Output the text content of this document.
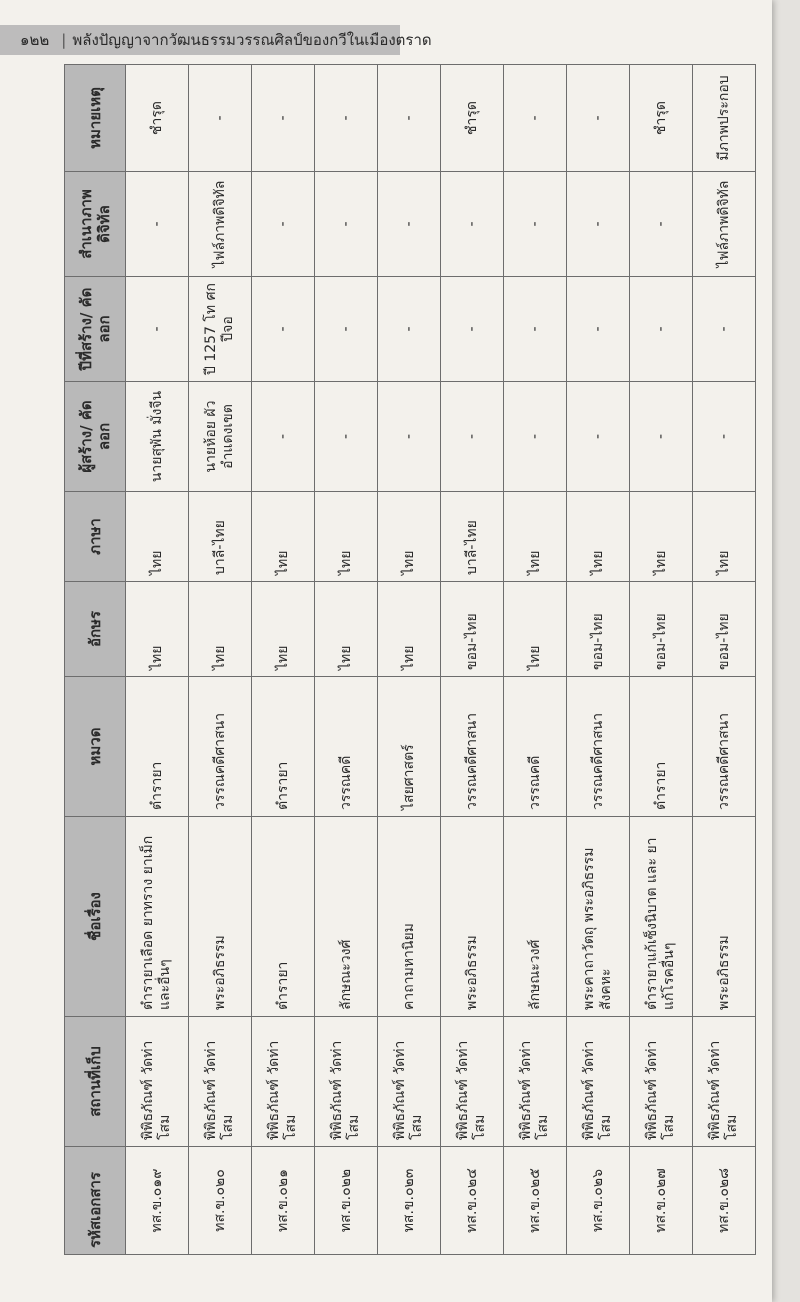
๑๒๒ | พลังปัญญาจากวัฒนธรรมวรรณศิลป์ของกวีในเมืองตราด
รหัสเอกสาร	สถานที่เก็บ	ชื่อเรื่อง	หมวด	อักษร	ภาษา	ผู้สร้าง/ คัดลอก	ปีที่สร้าง/ คัดลอก	สำเนาภาพ ดิจิทัล	หมายเหตุ
ทส.ข.๐๑๙	พิพิธภัณฑ์ วัดท่าโสม	ตำรายาเลือด ยาทราง ยาเม็ก และอื่นๆ	ตำรายา	ไทย	ไทย	นายสุพัน มั่งจีน	-	-	ชำรุด
ทส.ข.๐๒๐	พิพิธภัณฑ์ วัดท่าโสม	พระอภิธรรม	วรรณคดีศาสนา	ไทย	บาลี-ไทย	นายห้อย ผัว อำแดงเขต	ปี 1257 โท ศก ปีจอ	ไฟล์ภาพดิจิทัล	-
ทส.ข.๐๒๑	พิพิธภัณฑ์ วัดท่าโสม	ตำรายา	ตำรายา	ไทย	ไทย	-	-	-	-
ทส.ข.๐๒๒	พิพิธภัณฑ์ วัดท่าโสม	ลักษณะวงศ์	วรรณคดี	ไทย	ไทย	-	-	-	-
ทส.ข.๐๒๓	พิพิธภัณฑ์ วัดท่าโสม	คาถามหานิยม	ไสยศาสตร์	ไทย	ไทย	-	-	-	-
ทส.ข.๐๒๔	พิพิธภัณฑ์ วัดท่าโสม	พระอภิธรรม	วรรณคดีศาสนา	ขอม-ไทย	บาลี-ไทย	-	-	-	ชำรุด
ทส.ข.๐๒๕	พิพิธภัณฑ์ วัดท่าโสม	ลักษณะวงศ์	วรรณคดี	ไทย	ไทย	-	-	-	-
ทส.ข.๐๒๖	พิพิธภัณฑ์ วัดท่าโสม	พระคาถาวัตถุ พระอภิธรรม สังคหะ	วรรณคดีศาสนา	ขอม-ไทย	ไทย	-	-	-	-
ทส.ข.๐๒๗	พิพิธภัณฑ์ วัดท่าโสม	ตำรายาแก้เซ็งนิบาต และ ยาแก้โรคอื่นๆ	ตำรายา	ขอม-ไทย	ไทย	-	-	-	ชำรุด
ทส.ข.๐๒๘	พิพิธภัณฑ์ วัดท่าโสม	พระอภิธรรม	วรรณคดีศาสนา	ขอม-ไทย	ไทย	-	-	ไฟล์ภาพดิจิทัล	มีภาพประกอบ
